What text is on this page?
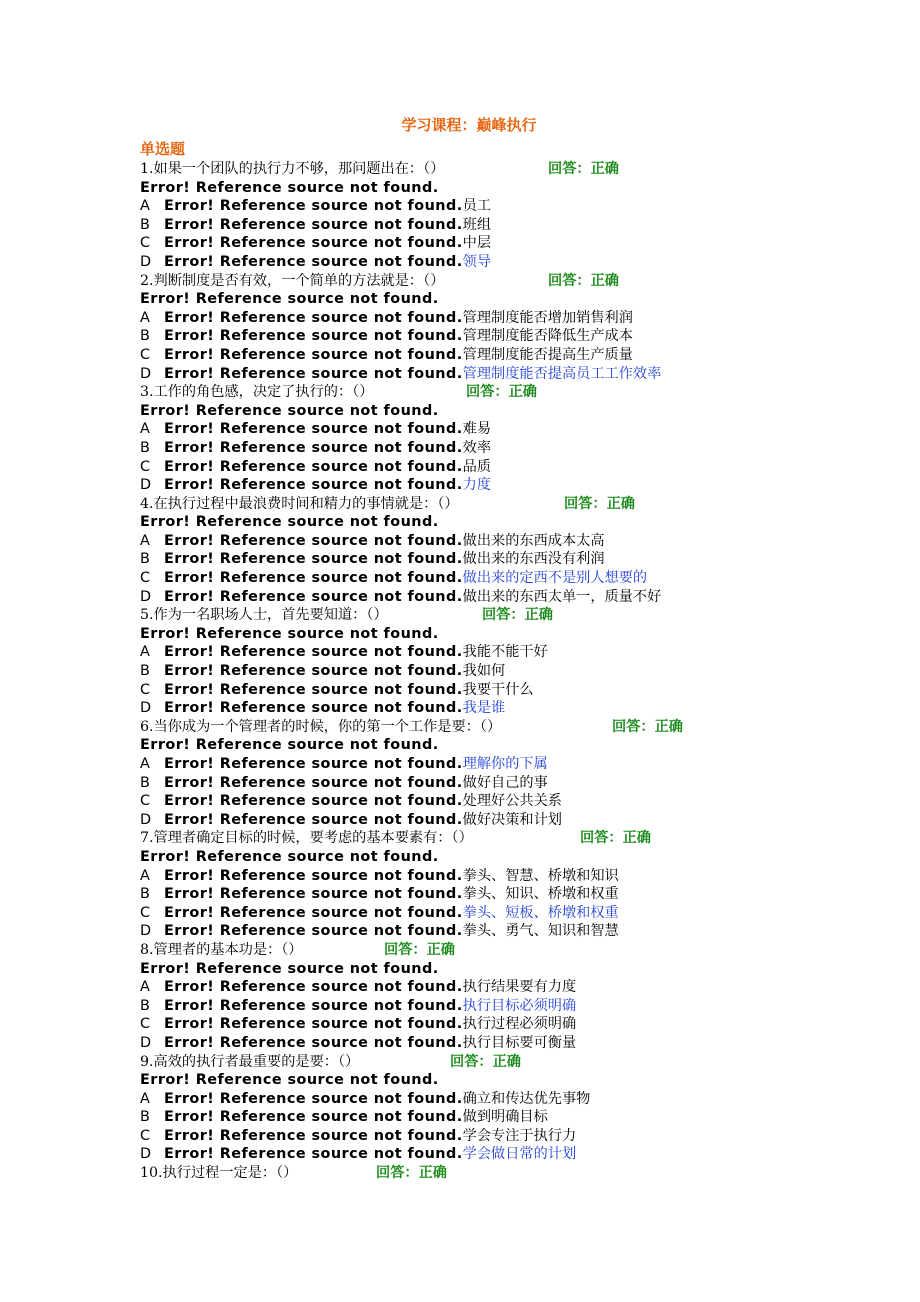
学习课程：巅峰执行
单选题
1.如果一个团队的执行力不够，那问题出在：（）	回答：正确
Error! Reference source not found.
A Error! Reference source not found.员工
B Error! Reference source not found.班组
C Error! Reference source not found.中层
D Error! Reference source not found.领导
2.判断制度是否有效，一个简单的方法就是：（）	回答：正确
Error! Reference source not found.
A Error! Reference source not found.管理制度能否增加销售利润
B Error! Reference source not found.管理制度能否降低生产成本
C Error! Reference source not found.管理制度能否提高生产质量
D Error! Reference source not found.管理制度能否提高员工工作效率
3.工作的角色感，决定了执行的：（）	回答：正确
Error! Reference source not found.
A Error! Reference source not found.难易
B Error! Reference source not found.效率
C Error! Reference source not found.品质
D Error! Reference source not found.力度
4.在执行过程中最浪费时间和精力的事情就是：（）	回答：正确
Error! Reference source not found.
A Error! Reference source not found.做出来的东西成本太高
B Error! Reference source not found.做出来的东西没有利润
C Error! Reference source not found.做出来的定西不是别人想要的
D Error! Reference source not found.做出来的东西太单一，质量不好
5.作为一名职场人士，首先要知道：（）	回答：正确
Error! Reference source not found.
A Error! Reference source not found.我能不能干好
B Error! Reference source not found.我如何
C Error! Reference source not found.我要干什么
D Error! Reference source not found.我是谁
6.当你成为一个管理者的时候，你的第一个工作是要：（）	回答：正确
Error! Reference source not found.
A Error! Reference source not found.理解你的下属
B Error! Reference source not found.做好自己的事
C Error! Reference source not found.处理好公共关系
D Error! Reference source not found.做好决策和计划
7.管理者确定目标的时候，要考虑的基本要素有：（）	回答：正确
Error! Reference source not found.
A Error! Reference source not found.拳头、智慧、桥墩和知识
B Error! Reference source not found.拳头、知识、桥墩和权重
C Error! Reference source not found.拳头、短板、桥墩和权重
D Error! Reference source not found.拳头、勇气、知识和智慧
8.管理者的基本功是：（）	回答：正确
Error! Reference source not found.
A Error! Reference source not found.执行结果要有力度
B Error! Reference source not found.执行目标必须明确
C Error! Reference source not found.执行过程必须明确
D Error! Reference source not found.执行目标要可衡量
9.高效的执行者最重要的是要：（）	回答：正确
Error! Reference source not found.
A Error! Reference source not found.确立和传达优先事物
B Error! Reference source not found.做到明确目标
C Error! Reference source not found.学会专注于执行力
D Error! Reference source not found.学会做日常的计划
10.执行过程一定是：（）	回答：正确
